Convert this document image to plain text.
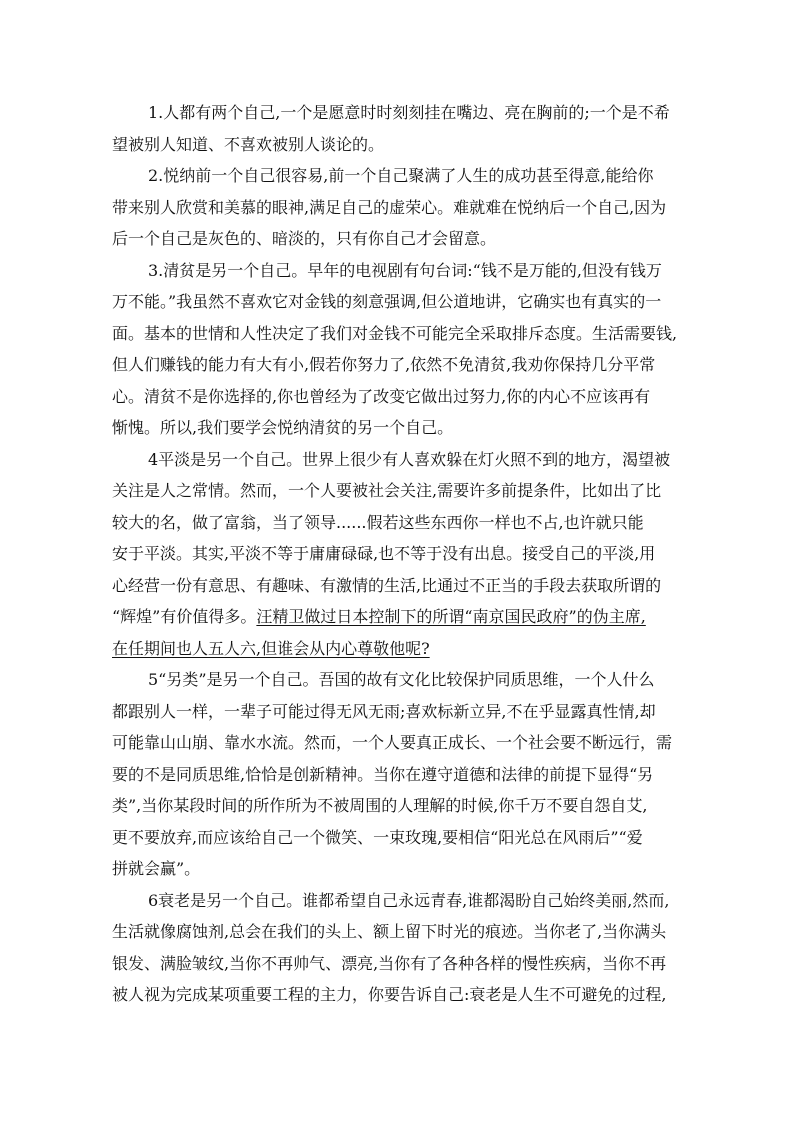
1.人都有两个自己,一个是愿意时时刻刻挂在嘴边、亮在胸前的;一个是不希
望被别人知道、不喜欢被别人谈论的。
2.悦纳前一个自己很容易,前一个自己聚满了人生的成功甚至得意,能给你
带来别人欣赏和美慕的眼神,满足自己的虚荣心。难就难在悦纳后一个自己,因为
后一个自己是灰色的、暗淡的，只有你自己才会留意。
3.清贫是另一个自己。早年的电视剧有句台词:“钱不是万能的,但没有钱万
万不能。”我虽然不喜欢它对金钱的刻意强调,但公道地讲，它确实也有真实的一
面。基本的世情和人性决定了我们对金钱不可能完全采取排斥态度。生活需要钱,
但人们赚钱的能力有大有小,假若你努力了,依然不免清贫,我劝你保持几分平常
心。清贫不是你选择的,你也曾经为了改变它做出过努力,你的内心不应该再有
惭愧。所以,我们要学会悦纳清贫的另一个自己。
4平淡是另一个自己。世界上很少有人喜欢躲在灯火照不到的地方，渴望被
关注是人之常情。然而，一个人要被社会关注,需要许多前提条件，比如出了比
较大的名，做了富翁，当了领导......假若这些东西你一样也不占,也许就只能
安于平淡。其实,平淡不等于庸庸碌碌,也不等于没有出息。接受自己的平淡,用
心经营一份有意思、有趣味、有激情的生活,比通过不正当的手段去获取所谓的
“辉煌”有价值得多。汪精卫做过日本控制下的所谓“南京国民政府”的伪主席,
在任期间也人五人六,但谁会从内心尊敬他呢?
5“另类”是另一个自己。吾国的故有文化比较保护同质思维，一个人什么
都跟别人一样，一辈子可能过得无风无雨;喜欢标新立异,不在乎显露真性情,却
可能靠山山崩、靠水水流。然而，一个人要真正成长、一个社会要不断远行，需
要的不是同质思维,恰恰是创新精神。当你在遵守道德和法律的前提下显得“另
类”,当你某段时间的所作所为不被周围的人理解的时候,你千万不要自怨自艾,
更不要放弃,而应该给自己一个微笑、一束玫瑰,要相信“阳光总在风雨后”“爱
拼就会赢”。
6衰老是另一个自己。谁都希望自己永远青春,谁都渴盼自己始终美丽,然而,
生活就像腐蚀剂,总会在我们的头上、额上留下时光的痕迹。当你老了,当你满头
银发、满脸皱纹,当你不再帅气、漂亮,当你有了各种各样的慢性疾病，当你不再
被人视为完成某项重要工程的主力，你要告诉自己:衰老是人生不可避免的过程,
